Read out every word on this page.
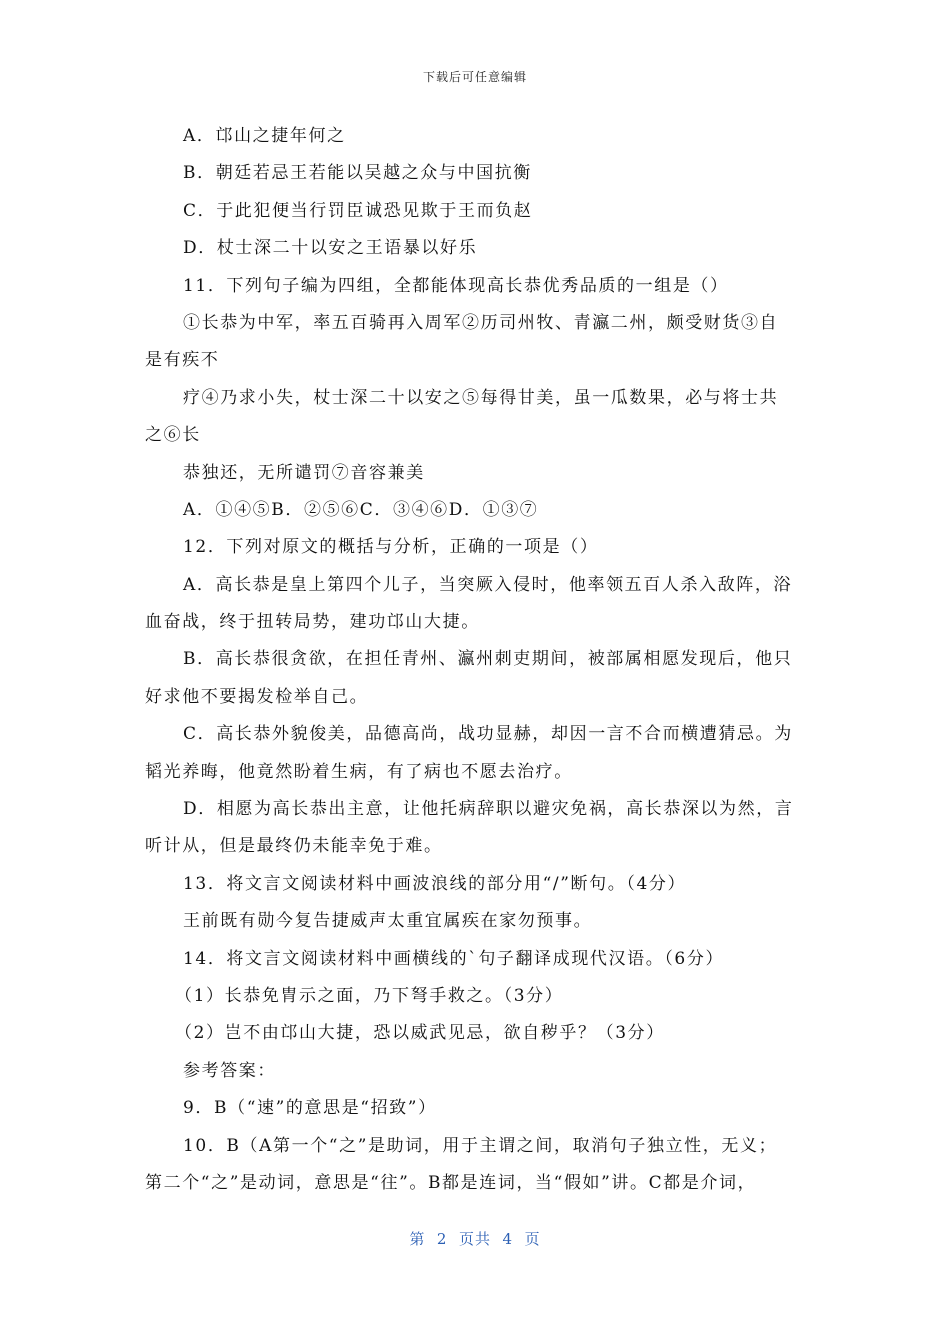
下载后可任意编辑
A．邙山之捷年何之
B．朝廷若忌王若能以吴越之众与中国抗衡
C．于此犯便当行罚臣诚恐见欺于王而负赵
D．杖士深二十以安之王语暴以好乐
11．下列句子编为四组，全都能体现高长恭优秀品质的一组是（）
①长恭为中军，率五百骑再入周军②历司州牧、青瀛二州，颇受财货③自
是有疾不
疗④乃求小失，杖士深二十以安之⑤每得甘美，虽一瓜数果，必与将士共
之⑥长
恭独还，无所谴罚⑦音容兼美
A．①④⑤B．②⑤⑥C．③④⑥D．①③⑦
12．下列对原文的概括与分析，正确的一项是（）
A．高长恭是皇上第四个儿子，当突厥入侵时，他率领五百人杀入敌阵，浴
血奋战，终于扭转局势，建功邙山大捷。
B．高长恭很贪欲，在担任青州、瀛州刺吏期间，被部属相愿发现后，他只
好求他不要揭发检举自己。
C．高长恭外貌俊美，品德高尚，战功显赫，却因一言不合而横遭猜忌。为
韬光养晦，他竟然盼着生病，有了病也不愿去治疗。
D．相愿为高长恭出主意，让他托病辞职以避灾免祸，高长恭深以为然，言
听计从，但是最终仍未能幸免于难。
13．将文言文阅读材料中画波浪线的部分用“/”断句。（4分）
王前既有勋今复告捷威声太重宜属疾在家勿预事。
14．将文言文阅读材料中画横线的`句子翻译成现代汉语。（6分）
（1）长恭免胄示之面，乃下弩手救之。（3分）
（2）岂不由邙山大捷，恐以威武见忌，欲自秽乎？（3分）
参考答案：
9．B（“速”的意思是“招致”）
10．B（A第一个“之”是助词，用于主谓之间，取消句子独立性，无义；
第二个“之”是动词，意思是“往”。B都是连词，当“假如”讲。C都是介词，
第  2  页共  4  页
